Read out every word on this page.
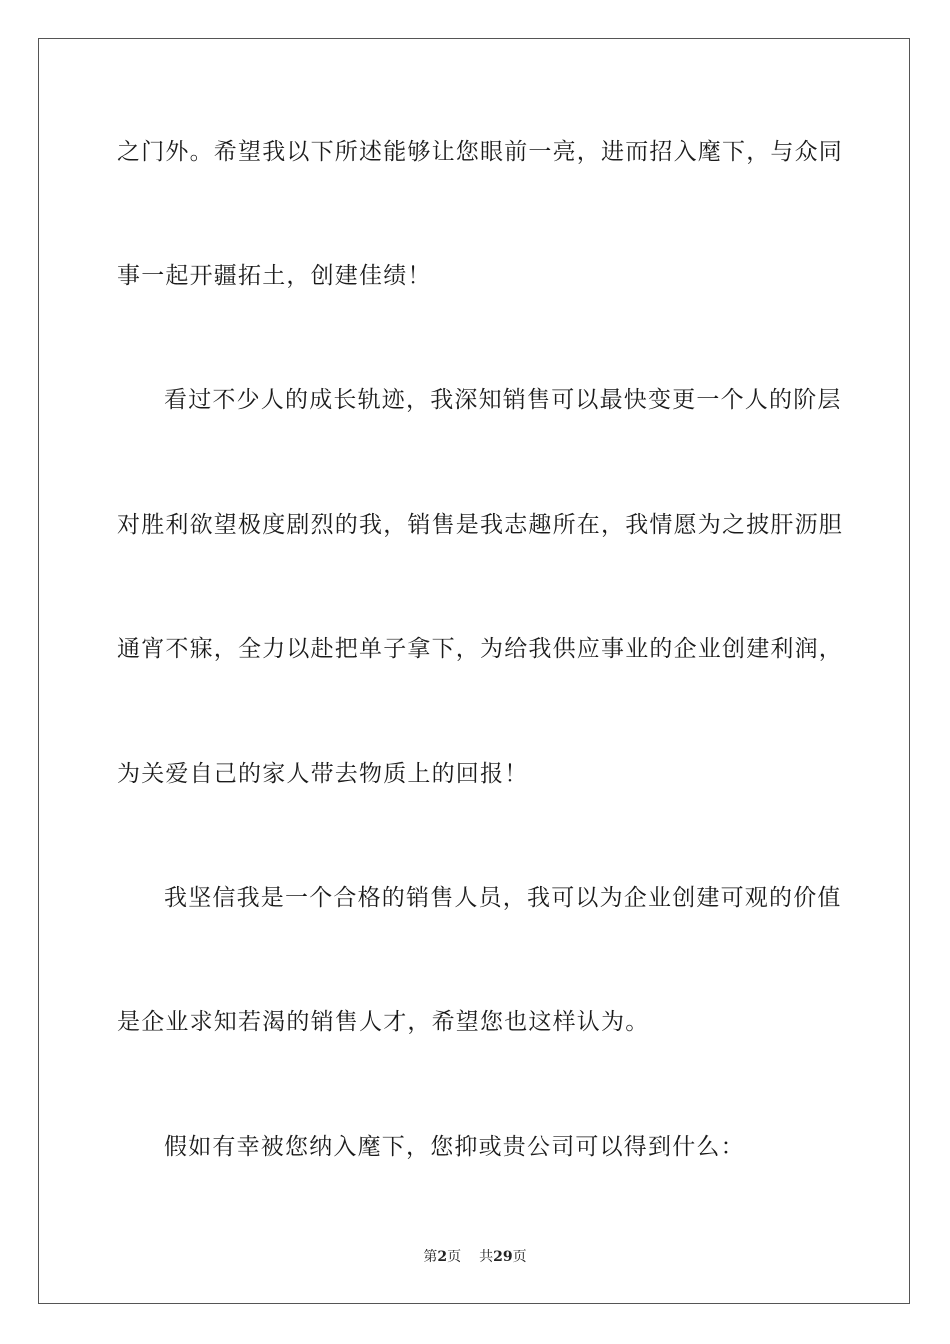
之门外。希望我以下所述能够让您眼前一亮，进而招入麾下，与众同
事一起开疆拓土，创建佳绩！
看过不少人的成长轨迹，我深知销售可以最快变更一个人的阶层
对胜利欲望极度剧烈的我，销售是我志趣所在，我情愿为之披肝沥胆
通宵不寐，全力以赴把单子拿下，为给我供应事业的企业创建利润，
为关爱自己的家人带去物质上的回报！
我坚信我是一个合格的销售人员，我可以为企业创建可观的价值
是企业求知若渴的销售人才，希望您也这样认为。
假如有幸被您纳入麾下，您抑或贵公司可以得到什么：
第2页 共29页
